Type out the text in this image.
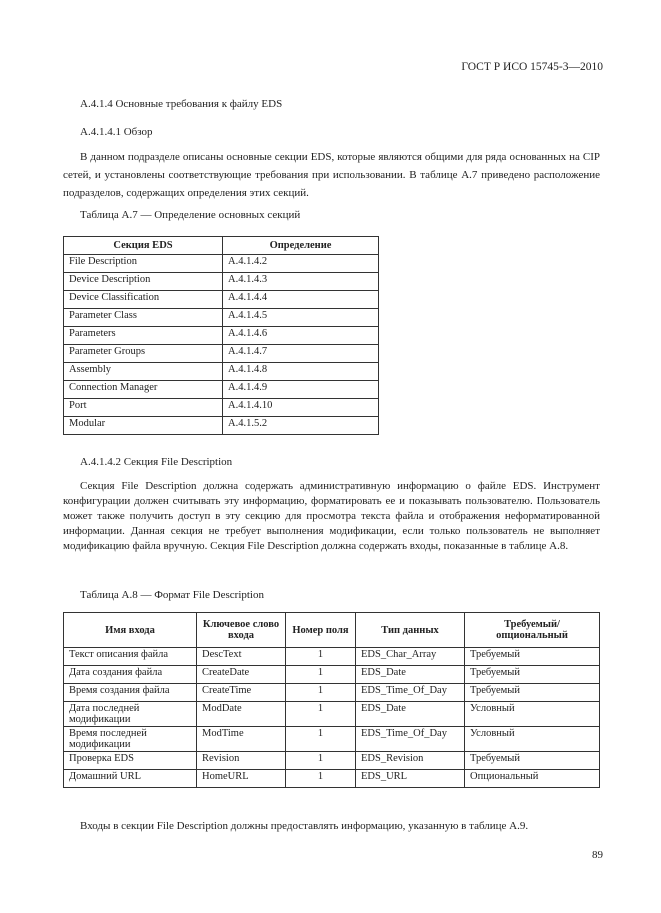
ГОСТ Р ИСО 15745-3—2010
А.4.1.4 Основные требования к файлу EDS
А.4.1.4.1 Обзор

В данном подразделе описаны основные секции EDS, которые являются общими для ряда основанных на CIP сетей, и установлены соответствующие требования при использовании. В таблице А.7 приведено расположение подразделов, содержащих определения этих секций.

Таблица А.7 — Определение основных секций
Секция EDS	Определение
File Description	А.4.1.4.2
Device Description	А.4.1.4.3
Device Classification	А.4.1.4.4
Parameter Class	А.4.1.4.5
Parameters	А.4.1.4.6
Parameter Groups	А.4.1.4.7
Assembly	А.4.1.4.8
Connection Manager	А.4.1.4.9
Port	А.4.1.4.10
Modular	А.4.1.5.2
А.4.1.4.2 Секция File Description

Секция File Description должна содержать административную информацию о файле EDS. Инструмент конфигурации должен считывать эту информацию, форматировать ее и показывать пользователю. Пользователь может также получить доступ в эту секцию для просмотра текста файла и отображения неформатированной информации. Данная секция не требует выполнения модификации, если только пользователь не выполняет модификацию файла вручную. Секция File Description должна содержать входы, показанные в таблице А.8.

Таблица А.8 — Формат File Description
Имя входа	Ключевое слово входа	Номер поля	Тип данных	Требуемый/опциональный
Текст описания файла	DescText	1	EDS_Char_Array	Требуемый
Дата создания файла	CreateDate	1	EDS_Date	Требуемый
Время создания файла	CreateTime	1	EDS_Time_Of_Day	Требуемый
Дата последней модификации	ModDate	1	EDS_Date	Условный
Время последней модификации	ModTime	1	EDS_Time_Of_Day	Условный
Проверка EDS	Revision	1	EDS_Revision	Требуемый
Домашний URL	HomeURL	1	EDS_URL	Опциональный
Входы в секции File Description должны предоставлять информацию, указанную в таблице А.9.
89
